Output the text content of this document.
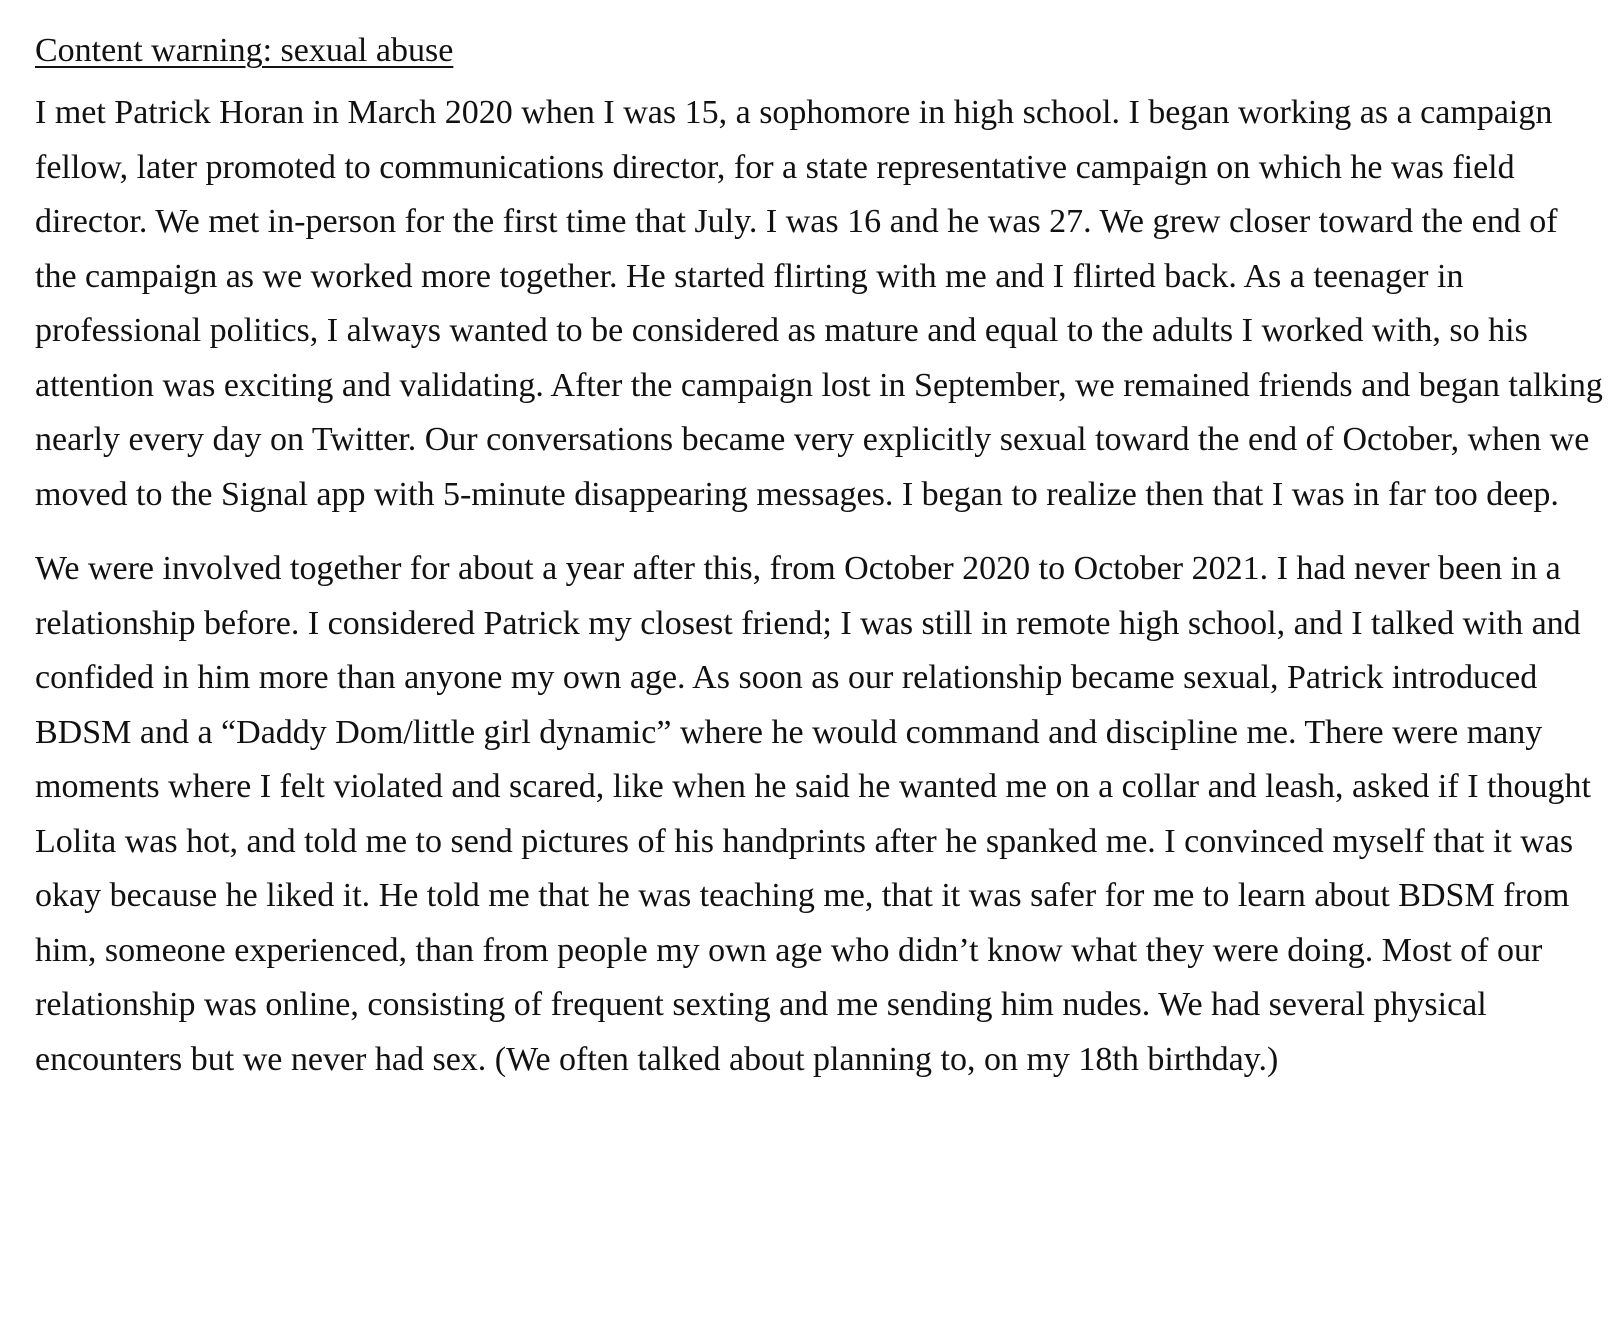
Content warning: sexual abuse

I met Patrick Horan in March 2020 when I was 15, a sophomore in high school. I began working as a campaign fellow, later promoted to communications director, for a state representative campaign on which he was field director. We met in-person for the first time that July. I was 16 and he was 27. We grew closer toward the end of the campaign as we worked more together. He started flirting with me and I flirted back. As a teenager in professional politics, I always wanted to be considered as mature and equal to the adults I worked with, so his attention was exciting and validating. After the campaign lost in September, we remained friends and began talking nearly every day on Twitter. Our conversations became very explicitly sexual toward the end of October, when we moved to the Signal app with 5-minute disappearing messages. I began to realize then that I was in far too deep.

We were involved together for about a year after this, from October 2020 to October 2021. I had never been in a relationship before. I considered Patrick my closest friend; I was still in remote high school, and I talked with and confided in him more than anyone my own age. As soon as our relationship became sexual, Patrick introduced BDSM and a “Daddy Dom/little girl dynamic” where he would command and discipline me. There were many moments where I felt violated and scared, like when he said he wanted me on a collar and leash, asked if I thought Lolita was hot, and told me to send pictures of his handprints after he spanked me. I convinced myself that it was okay because he liked it. He told me that he was teaching me, that it was safer for me to learn about BDSM from him, someone experienced, than from people my own age who didn’t know what they were doing. Most of our relationship was online, consisting of frequent sexting and me sending him nudes. We had several physical encounters but we never had sex. (We often talked about planning to, on my 18th birthday.)
